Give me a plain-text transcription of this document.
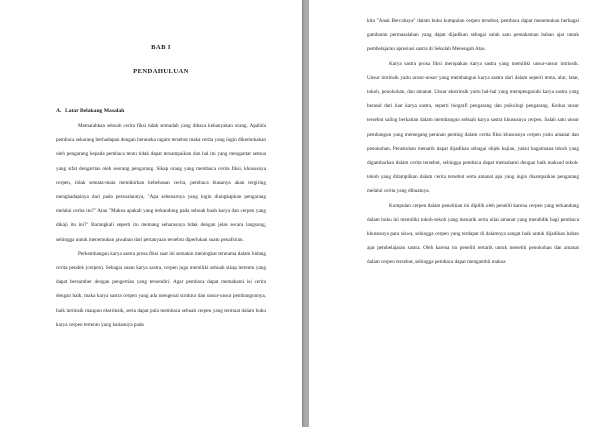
BAB I
PENDAHULUAN
A. Latar Belakang Masalah

Mematahkan sebuah cerita fiksi tidak semudah yang dibaca kebanyakan orang. Apabila pembaca sekarang berhadapan dengan beraneka ragam tersebut maka cerita yang ingin dikemukakan oleh pengarang kepada pembaca tentu tidak dapat tersampaikan dan hal itu yang mengantar semua yang sifat dengaritas oleh seorang pengarang. Sikap orang yang membaca cerita fiksi, khususnya cerpen, tidak semata-mata memikirkan kebebasan cerita, pembaca biasanya akan tergiring menghadapinya dari pada persoalannya, "Apa sebenarnya yang ingin diungkapkan pengarang melalui cerita itu?" Atau "Makna apakah yang terkandung pada sebuah buah karya dan cerpen yang dikaji itu ini?" Barangkali seperti itu memang seharusnya tidak dengan jelas secara langsung, sehingga untuk menemukan jawaban dari pertanyaan tersebut diperlukan suatu penafsiran.

Perkembangan karya sastra prosa fiksi saat ini semakin meningkat terutama dalam bidang cerita pendek (cerpen). Sebagai suatu karya sastra, cerpen juga memiliki sebuah sikap tertentu yang dapat bersumber dengan pengertian yang tersendiri. Agar pembaca dapat memahami isi cerita dengan baik, maka karya sastra cerpen yang ada mengenai struktur dan unsur-unsur pembangunnya, baik intrinsik maupun ekstrinsik, serta dapat pula membaca sebuah cerpen yang termuat dalam buku karya cerpen tertentu yang kaitannya pada

kita "Anak Bercahaya" dalam buku kumpulan cerpen tersebut, pembaca dapat menemukan berbagai gambaran permasalahan yang dapat dijadikan sebagai salah satu pemahaman bahan ajar untuk pembelajaran apresiasi sastra di Sekolah Menengah Atas.

Karya sastra prosa fiksi merupakan karya sastra yang memiliki unsur-unsur intrinsik. Unsur intrinsik yaitu unsur-unsur yang membangun karya sastra dari dalam seperti tema, alur, latar, tokoh, penokohan, dan amanat. Unsur ekstrinsik yaitu hal-hal yang mempengaruhi karya sastra yang berasal dari luar karya sastra, seperti biografi pengarang dan psikologi pengarang. Kedua unsur tersebut saling berkaitan dalam membangun sebuah karya sastra khususnya cerpen. Salah satu unsur pembangun yang memegang peranan penting dalam cerita fiksi khususnya cerpen yaitu amanat dan penokohan. Penokohan menarik dapat dijadikan sebagai objek kajian, yakni bagaimana tokoh yang digambarkan dalam cerita tersebut, sehingga pembaca dapat memahami dengan baik maksud tokoh-tokoh yang ditampilkan dalam cerita tersebut serta amanat apa yang ingin disampaikan pengarang melalui cerita yang dibuatnya.

Kumpulan cerpen dalam penelitian ini dipilih oleh peneliti karena cerpen yang terkandung dalam buku ini memiliki tokoh-tokoh yang menarik serta nilai amanat yang mendidik bagi pembaca khususnya para siswa, sehingga cerpen yang terdapat di dalamnya sangat baik untuk dijadikan bahan ajar pembelajaran sastra. Oleh karena itu peneliti tertarik untuk meneliti penokohan dan amanat dalam cerpen tersebut, sehingga pembaca dapat mengambil makna
